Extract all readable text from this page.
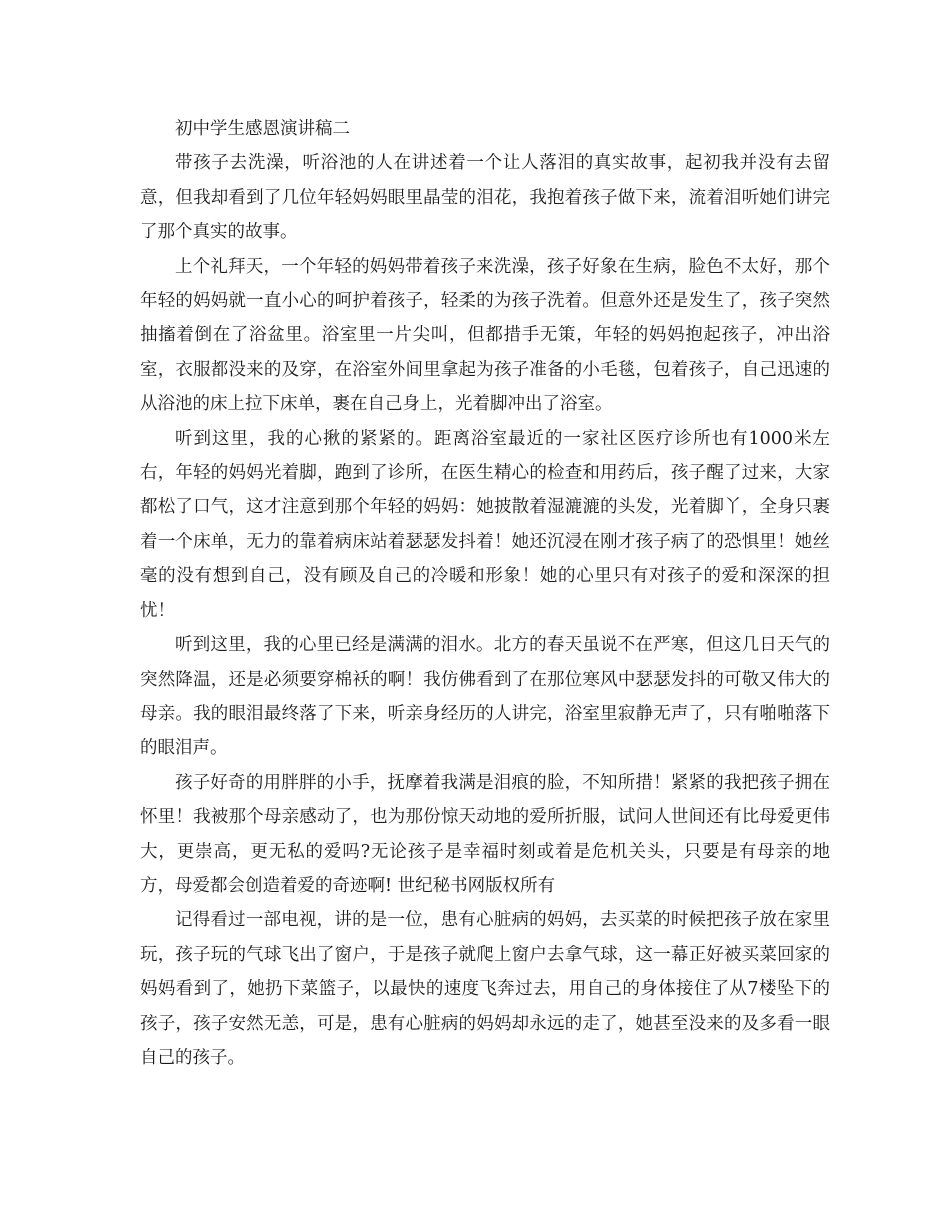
初中学生感恩演讲稿二

带孩子去洗澡，听浴池的人在讲述着一个让人落泪的真实故事，起初我并没有去留意，但我却看到了几位年轻妈妈眼里晶莹的泪花，我抱着孩子做下来，流着泪听她们讲完了那个真实的故事。

上个礼拜天，一个年轻的妈妈带着孩子来洗澡，孩子好象在生病，脸色不太好，那个年轻的妈妈就一直小心的呵护着孩子，轻柔的为孩子洗着。但意外还是发生了，孩子突然抽搐着倒在了浴盆里。浴室里一片尖叫，但都措手无策，年轻的妈妈抱起孩子，冲出浴室，衣服都没来的及穿，在浴室外间里拿起为孩子准备的小毛毯，包着孩子，自己迅速的从浴池的床上拉下床单，裹在自己身上，光着脚冲出了浴室。

听到这里，我的心揪的紧紧的。距离浴室最近的一家社区医疗诊所也有1000米左右，年轻的妈妈光着脚，跑到了诊所，在医生精心的检查和用药后，孩子醒了过来，大家都松了口气，这才注意到那个年轻的妈妈：她披散着湿漉漉的头发，光着脚丫，全身只裹着一个床单，无力的靠着病床站着瑟瑟发抖着！她还沉浸在刚才孩子病了的恐惧里！她丝毫的没有想到自己，没有顾及自己的冷暖和形象！她的心里只有对孩子的爱和深深的担忧！

听到这里，我的心里已经是满满的泪水。北方的春天虽说不在严寒，但这几日天气的突然降温，还是必须要穿棉袄的啊！我仿佛看到了在那位寒风中瑟瑟发抖的可敬又伟大的母亲。我的眼泪最终落了下来，听亲身经历的人讲完，浴室里寂静无声了，只有啪啪落下的眼泪声。

孩子好奇的用胖胖的小手，抚摩着我满是泪痕的脸，不知所措！紧紧的我把孩子拥在怀里！我被那个母亲感动了，也为那份惊天动地的爱所折服，试问人世间还有比母爱更伟大，更崇高，更无私的爱吗?无论孩子是幸福时刻或着是危机关头，只要是有母亲的地方，母爱都会创造着爱的奇迹啊! 世纪秘书网版权所有

记得看过一部电视，讲的是一位，患有心脏病的妈妈，去买菜的时候把孩子放在家里玩，孩子玩的气球飞出了窗户，于是孩子就爬上窗户去拿气球，这一幕正好被买菜回家的妈妈看到了，她扔下菜篮子，以最快的速度飞奔过去，用自己的身体接住了从7楼坠下的孩子，孩子安然无恙，可是，患有心脏病的妈妈却永远的走了，她甚至没来的及多看一眼自己的孩子。
